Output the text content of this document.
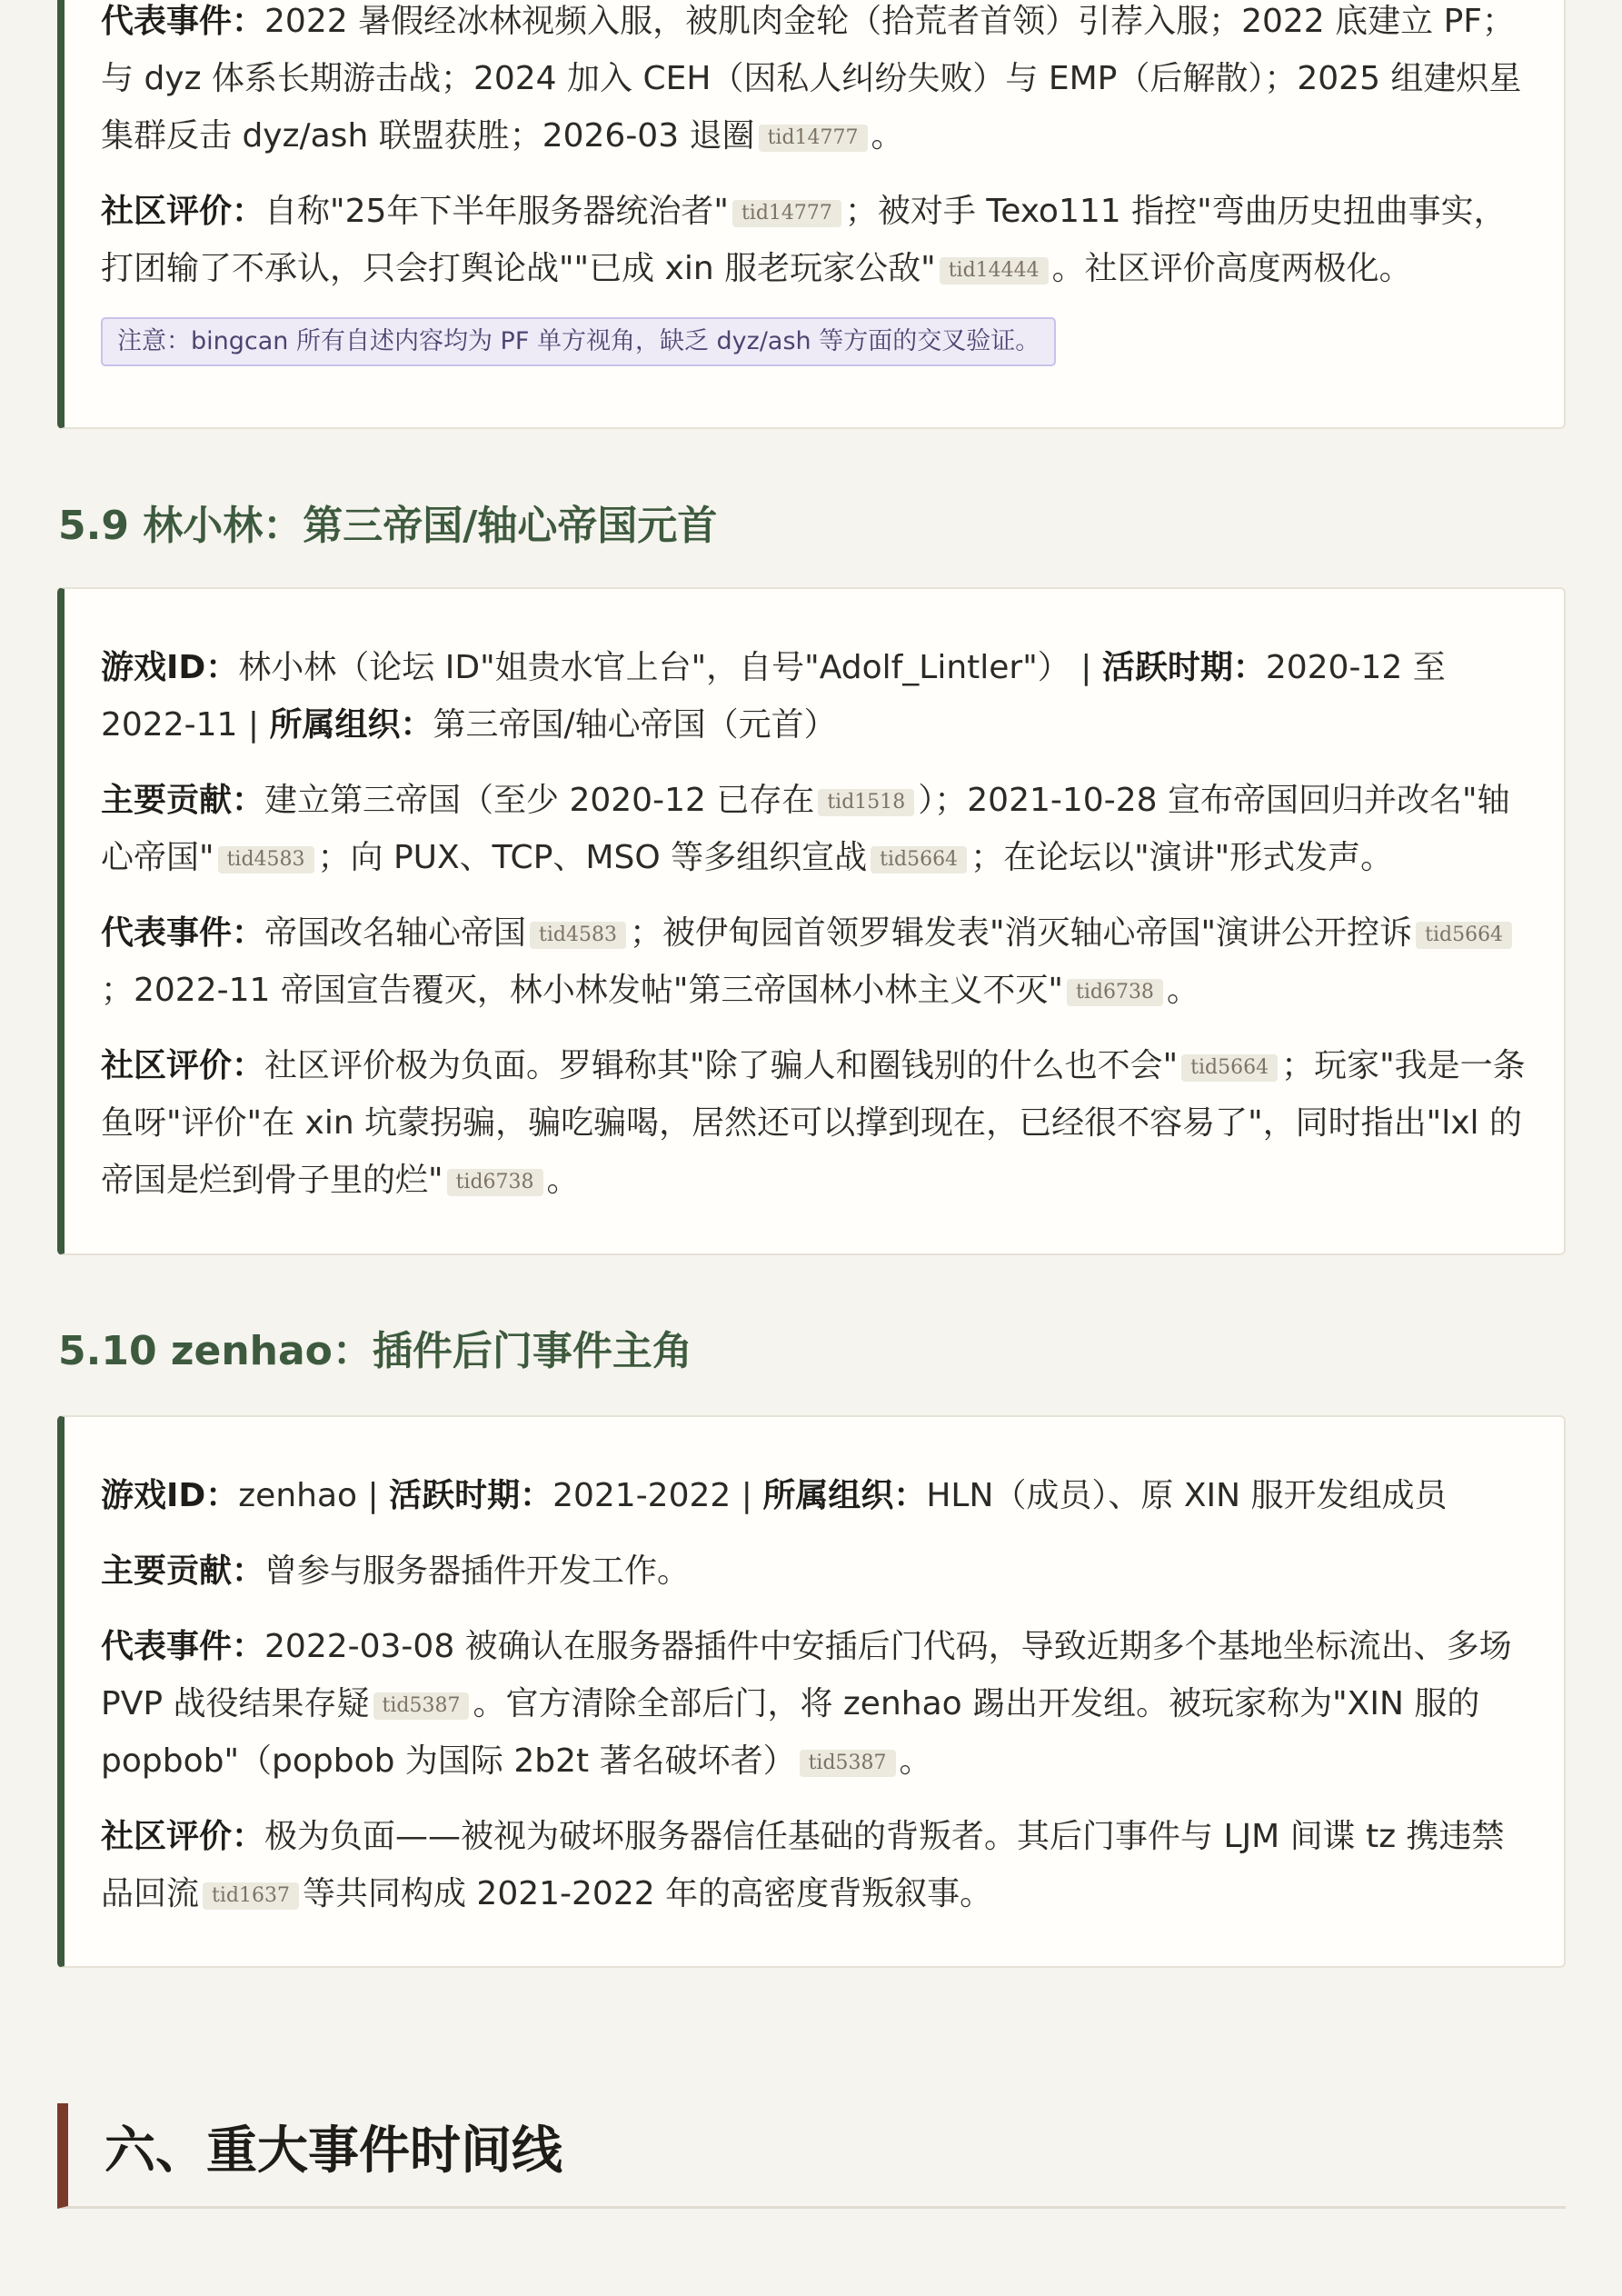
代表事件：2022 暑假经冰林视频入服，被肌肉金轮（拾荒者首领）引荐入服；2022 底建立 PF；与 dyz 体系长期游击战；2024 加入 CEH（因私人纠纷失败）与 EMP（后解散）；2025 组建炽星集群反击 dyz/ash 联盟获胜；2026-03 退圈 tid14777 。

社区评价：自称"25年下半年服务器统治者" tid14777 ；被对手 Texo111 指控"弯曲历史扭曲事实，打团输了不承认，只会打舆论战""已成 xin 服老玩家公敌" tid14444 。社区评价高度两极化。

注意：bingcan 所有自述内容均为 PF 单方视角，缺乏 dyz/ash 等方面的交叉验证。
5.9 林小林：第三帝国/轴心帝国元首

游戏ID：林小林（论坛 ID"姐贵水官上台"，自号"Adolf_Lintler"） | 活跃时期：2020-12 至 2022-11 | 所属组织：第三帝国/轴心帝国（元首）

主要贡献：建立第三帝国（至少 2020-12 已存在 tid1518 ）；2021-10-28 宣布帝国回归并改名"轴心帝国" tid4583 ；向 PUX、TCP、MSO 等多组织宣战 tid5664 ；在论坛以"演讲"形式发声。

代表事件：帝国改名轴心帝国 tid4583 ；被伊甸园首领罗辑发表"消灭轴心帝国"演讲公开控诉 tid5664；2022-11 帝国宣告覆灭，林小林发帖"第三帝国林小林主义不灭" tid6738 。

社区评价：社区评价极为负面。罗辑称其"除了骗人和圈钱别的什么也不会" tid5664 ；玩家"我是一条鱼呀"评价"在 xin 坑蒙拐骗，骗吃骗喝，居然还可以撑到现在，已经很不容易了"，同时指出"lxl 的帝国是烂到骨子里的烂" tid6738 。

5.10 zenhao：插件后门事件主角

游戏ID：zenhao | 活跃时期：2021-2022 | 所属组织：HLN（成员）、原 XIN 服开发组成员

主要贡献：曾参与服务器插件开发工作。

代表事件：2022-03-08 被确认在服务器插件中安插后门代码，导致近期多个基地坐标流出、多场 PVP 战役结果存疑 tid5387 。官方清除全部后门，将 zenhao 踢出开发组。被玩家称为"XIN 服的 popbob"（popbob 为国际 2b2t 著名破坏者） tid5387 。

社区评价：极为负面——被视为破坏服务器信任基础的背叛者。其后门事件与 LJM 间谍 tz 携违禁品回流 tid1637 等共同构成 2021-2022 年的高密度背叛叙事。

六、重大事件时间线
